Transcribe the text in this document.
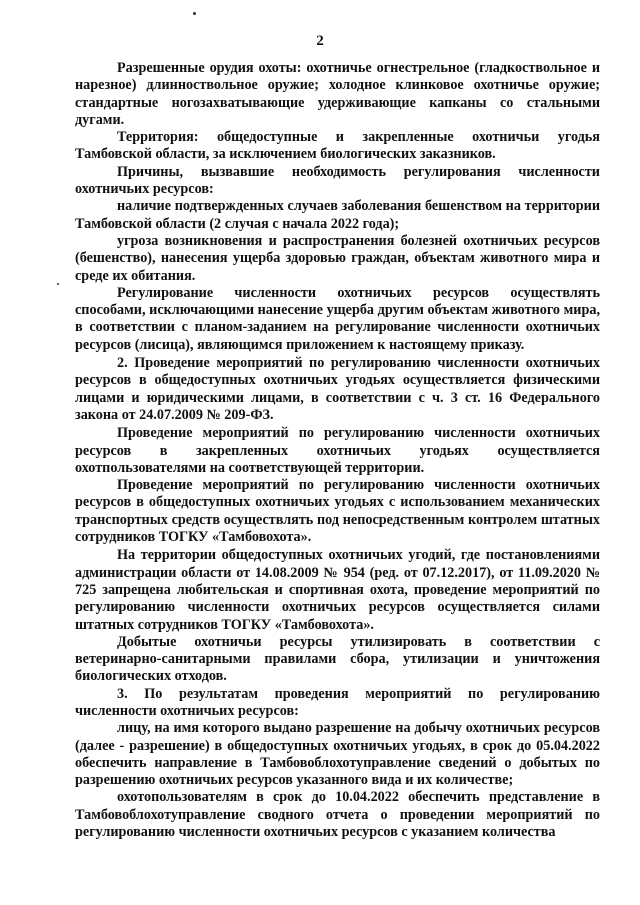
2

Разрешенные орудия охоты: охотничье огнестрельное (гладкоствольное и нарезное) длинноствольное оружие; холодное клинковое охотничье оружие; стандартные ногозахватывающие удерживающие капканы со стальными дугами.

Территория: общедоступные и закрепленные охотничьи угодья Тамбовской области, за исключением биологических заказников.

Причины, вызвавшие необходимость регулирования численности охотничьих ресурсов:

наличие подтвержденных случаев заболевания бешенством на территории Тамбовской области (2 случая с начала 2022 года);

угроза возникновения и распространения болезней охотничьих ресурсов (бешенство), нанесения ущерба здоровью граждан, объектам животного мира и среде их обитания.

Регулирование численности охотничьих ресурсов осуществлять способами, исключающими нанесение ущерба другим объектам животного мира, в соответствии с планом-заданием на регулирование численности охотничьих ресурсов (лисица), являющимся приложением к настоящему приказу.

2. Проведение мероприятий по регулированию численности охотничьих ресурсов в общедоступных охотничьих угодьях осуществляется физическими лицами и юридическими лицами, в соответствии с ч. 3 ст. 16 Федерального закона от 24.07.2009 № 209-ФЗ.

Проведение мероприятий по регулированию численности охотничьих ресурсов в закрепленных охотничьих угодьях осуществляется охотпользователями на соответствующей территории.

Проведение мероприятий по регулированию численности охотничьих ресурсов в общедоступных охотничьих угодьях с использованием механических транспортных средств осуществлять под непосредственным контролем штатных сотрудников ТОГКУ «Тамбовохота».

На территории общедоступных охотничьих угодий, где постановлениями администрации области от 14.08.2009 № 954 (ред. от 07.12.2017), от 11.09.2020 № 725 запрещена любительская и спортивная охота, проведение мероприятий по регулированию численности охотничьих ресурсов осуществляется силами штатных сотрудников ТОГКУ «Тамбовохота».

Добытые охотничьи ресурсы утилизировать в соответствии с ветеринарно-санитарными правилами сбора, утилизации и уничтожения биологических отходов.

3. По результатам проведения мероприятий по регулированию численности охотничьих ресурсов:

лицу, на имя которого выдано разрешение на добычу охотничьих ресурсов (далее - разрешение) в общедоступных охотничьих угодьях, в срок до 05.04.2022 обеспечить направление в Тамбовоблохотуправление сведений о добытых по разрешению охотничьих ресурсов указанного вида и их количестве;

охотопользователям в срок до 10.04.2022 обеспечить представление в Тамбовоблохотуправление сводного отчета о проведении мероприятий по регулированию численности охотничьих ресурсов с указанием количества
